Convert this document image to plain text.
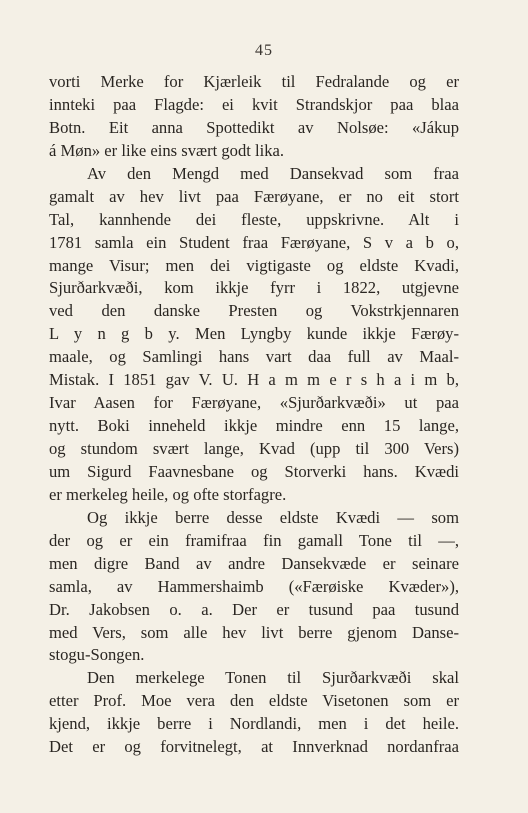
45
vorti Merke for Kjærleik til Fedralande og er
innteki paa Flagde: ei kvit Strandskjor paa blaa
Botn. Eit anna Spottedikt av Nolsøe: «Jákup
á Møn» er like eins svært godt lika.
Av den Mengd med Dansekvad som fraa
gamalt av hev livt paa Færøyane, er no eit stort
Tal, kannhende dei fleste, uppskrivne. Alt i
1781 samla ein Student fraa Færøyane, S v a b o,
mange Visur; men dei vigtigaste og eldste Kvadi,
Sjurðarkvæði, kom ikkje fyrr i 1822, utgjevne
ved den danske Presten og Vokstrkjennaren
L y n g b y. Men Lyngby kunde ikkje Færøy-
maale, og Samlingi hans vart daa full av Maal-
Mistak. I 1851 gav V. U. H a m m e r s h a i m b,
Ivar Aasen for Færøyane, «Sjurðarkvæði» ut paa
nytt. Boki inneheld ikkje mindre enn 15 lange,
og stundom svært lange, Kvad (upp til 300 Vers)
um Sigurd Faavnesbane og Storverki hans. Kvædi
er merkeleg heile, og ofte storfagre.
Og ikkje berre desse eldste Kvædi — som
der og er ein framifraa fin gamall Tone til —,
men digre Band av andre Dansekvæde er seinare
samla, av Hammershaimb («Færøiske Kvæder»),
Dr. Jakobsen o. a. Der er tusund paa tusund
med Vers, som alle hev livt berre gjenom Danse-
stogu-Songen.
Den merkelege Tonen til Sjurðarkvæði skal
etter Prof. Moe vera den eldste Visetonen som er
kjend, ikkje berre i Nordlandi, men i det heile.
Det er og forvitnelegt, at Innverknad nordanfraa
